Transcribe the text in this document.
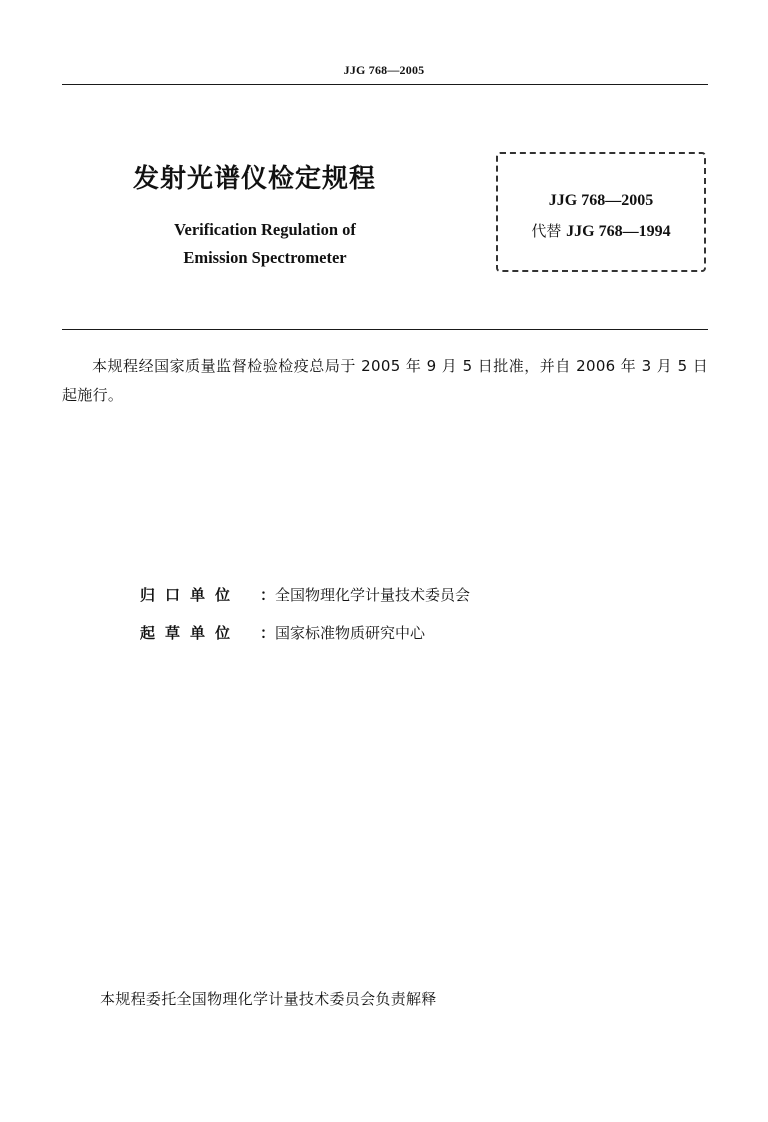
JJG 768—2005
发射光谱仪检定规程
Verification Regulation of
Emission Spectrometer
JJG 768—2005
代替 JJG 768—1994
本规程经国家质量监督检验检疫总局于 2005 年 9 月 5 日批准，并自 2006 年 3 月 5 日起施行。
归口单位 ：全国物理化学计量技术委员会
起草单位 ：国家标准物质研究中心
本规程委托全国物理化学计量技术委员会负责解释
